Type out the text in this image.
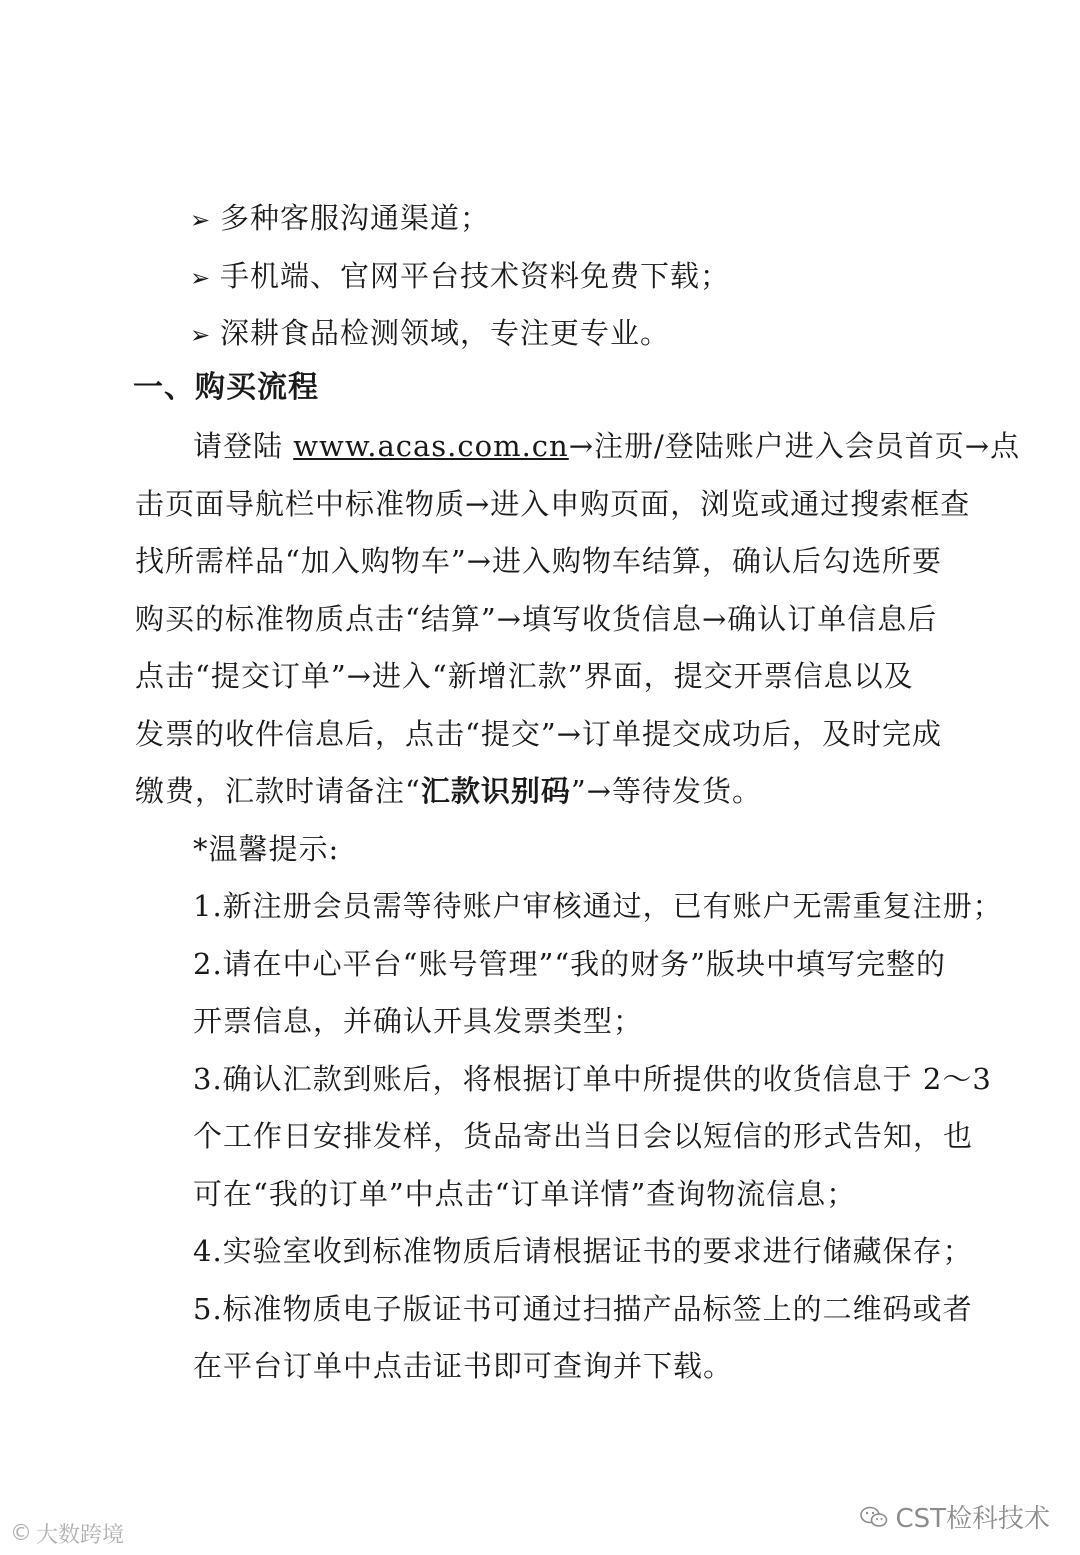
➢ 多种客服沟通渠道；
➢ 手机端、官网平台技术资料免费下载；
➢ 深耕食品检测领域，专注更专业。
一、购买流程
请登陆 www.acas.com.cn→注册/登陆账户进入会员首页→点
击页面导航栏中标准物质→进入申购页面，浏览或通过搜索框查
找所需样品“加入购物车”→进入购物车结算，确认后勾选所要
购买的标准物质点击“结算”→填写收货信息→确认订单信息后
点击“提交订单”→进入“新增汇款”界面，提交开票信息以及
发票的收件信息后，点击“提交”→订单提交成功后，及时完成
缴费，汇款时请备注“汇款识别码”→等待发货。
*温馨提示:
1.新注册会员需等待账户审核通过，已有账户无需重复注册；
2.请在中心平台“账号管理”“我的财务”版块中填写完整的
开票信息，并确认开具发票类型；
3.确认汇款到账后，将根据订单中所提供的收货信息于 2～3
个工作日安排发样，货品寄出当日会以短信的形式告知，也
可在“我的订单”中点击“订单详情”查询物流信息；
4.实验室收到标准物质后请根据证书的要求进行储藏保存；
5.标准物质电子版证书可通过扫描产品标签上的二维码或者
在平台订单中点击证书即可查询并下载。
CST检科技术
© 大数跨境
